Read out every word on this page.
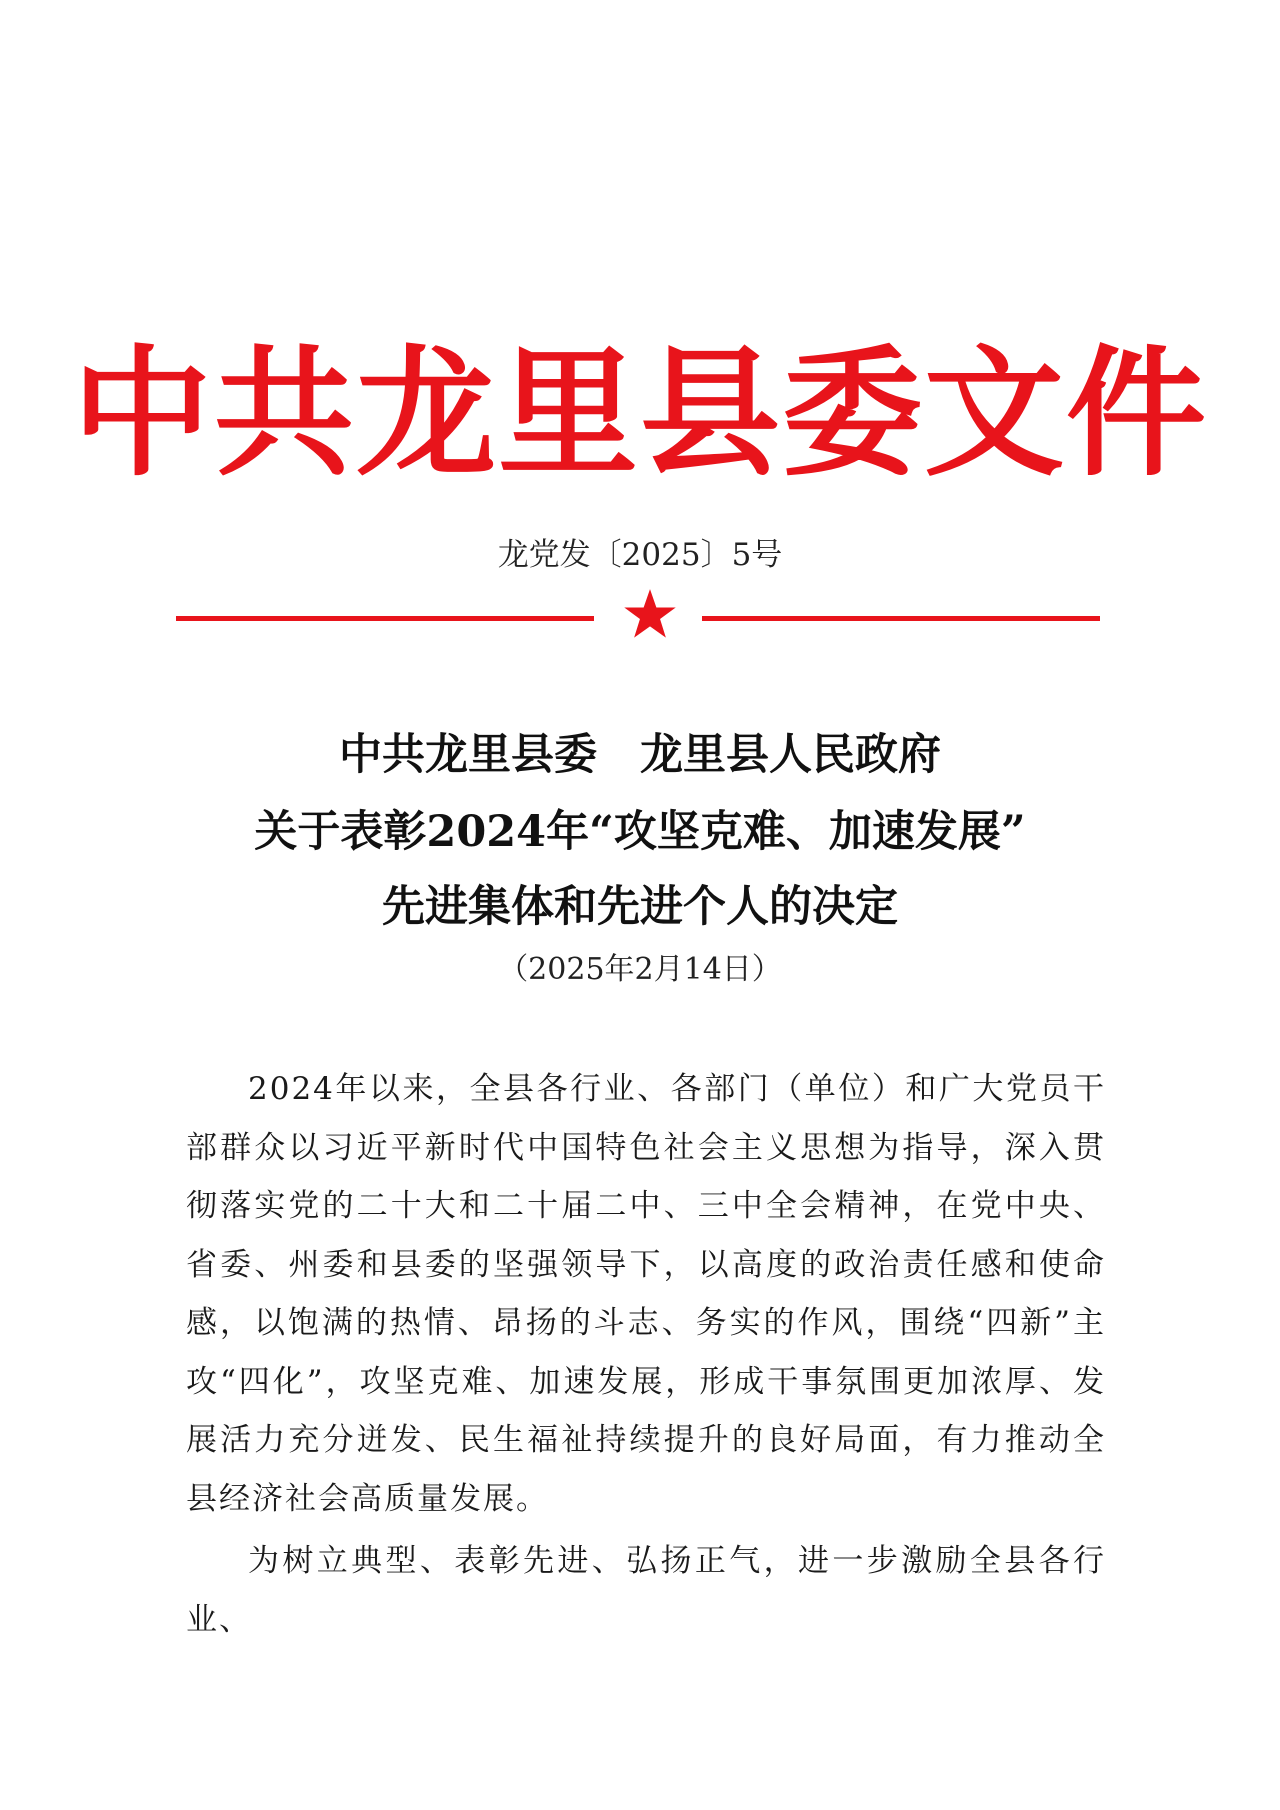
中共龙里县委文件
龙党发〔2025〕5号
中共龙里县委　龙里县人民政府
关于表彰2024年“攻坚克难、加速发展”
先进集体和先进个人的决定
（2025年2月14日）

2024年以来，全县各行业、各部门（单位）和广大党员干部群众以习近平新时代中国特色社会主义思想为指导，深入贯彻落实党的二十大和二十届二中、三中全会精神，在党中央、省委、州委和县委的坚强领导下，以高度的政治责任感和使命感，以饱满的热情、昂扬的斗志、务实的作风，围绕“四新”主攻“四化”，攻坚克难、加速发展，形成干事氛围更加浓厚、发展活力充分迸发、民生福祉持续提升的良好局面，有力推动全县经济社会高质量发展。

为树立典型、表彰先进、弘扬正气，进一步激励全县各行业、
